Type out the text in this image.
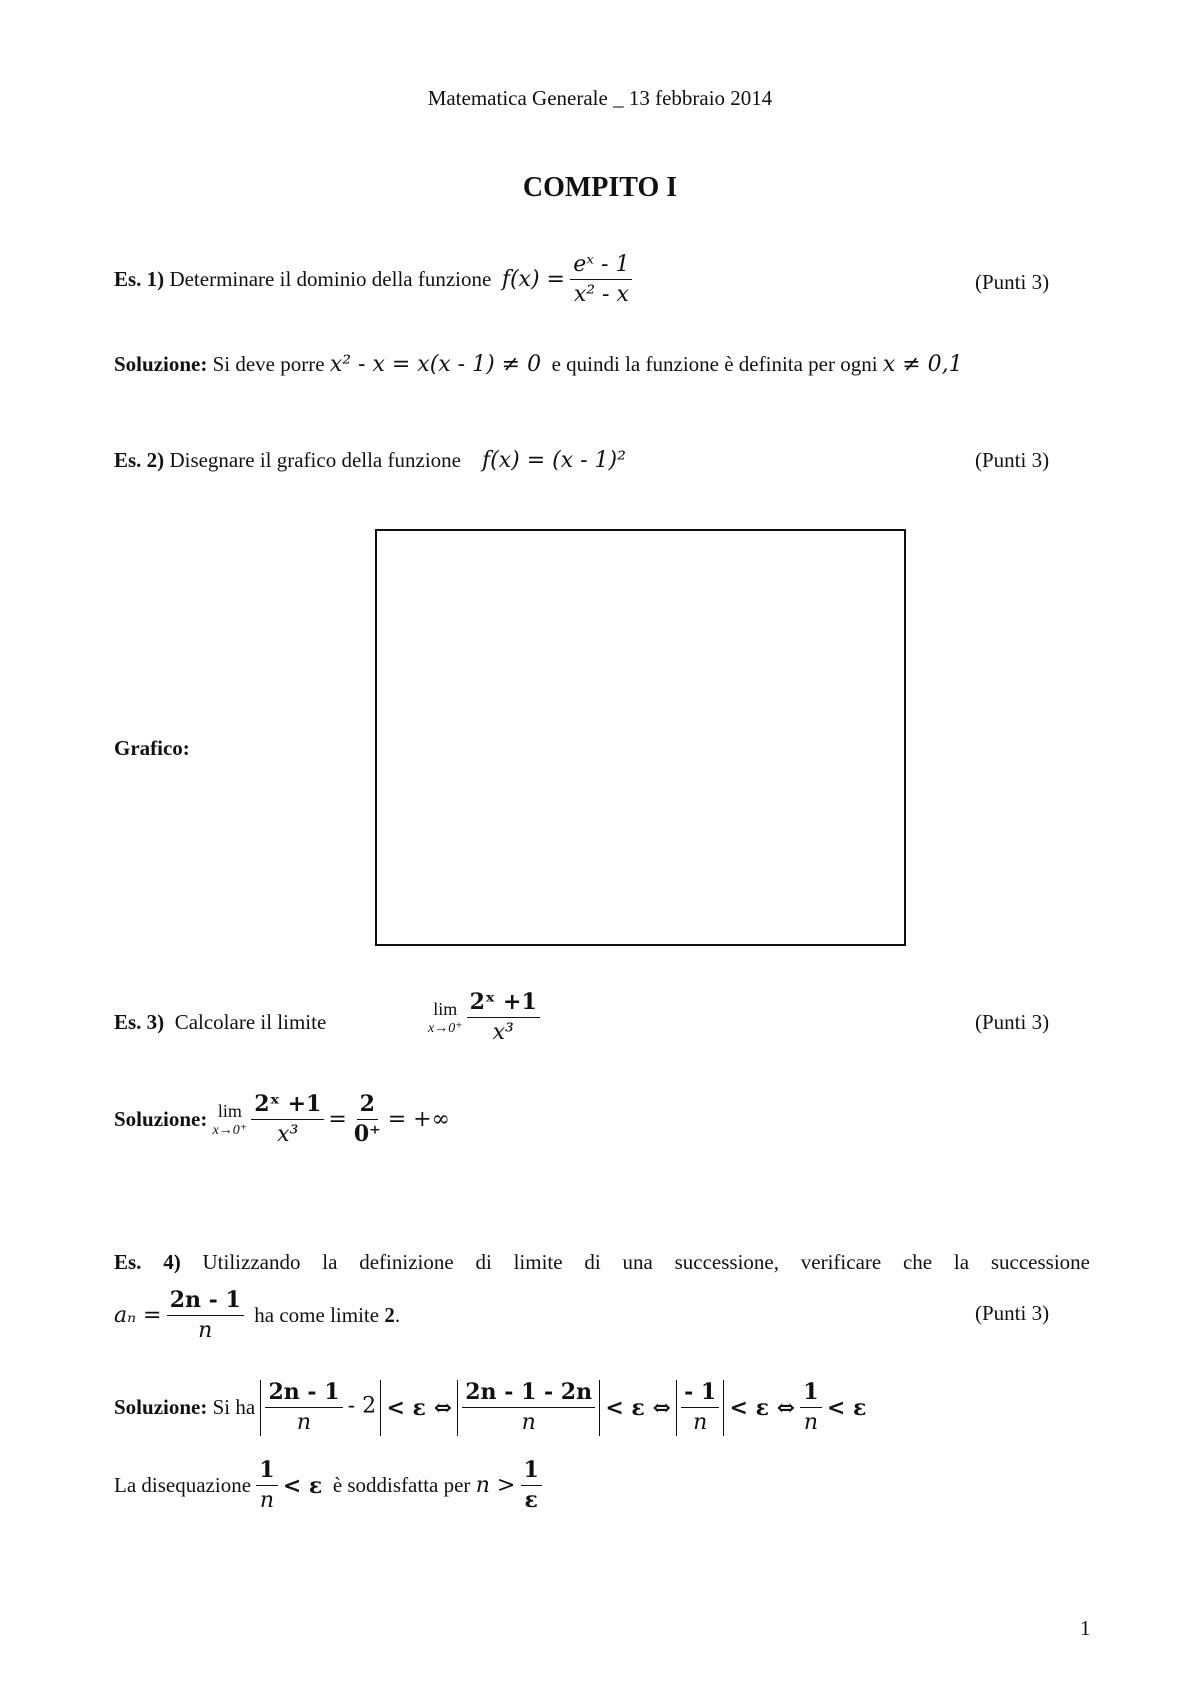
Matematica Generale _ 13 febbraio 2014
COMPITO I
Es. 1)
Determinare il dominio della funzione
f(x) =
$\frac{\text{eˣ - 1}}{\text{x² - x}}$	(Punti 3)
Soluzione:
Si deve porre
x² - x = x(x - 1) ≠ 0
e quindi la funzione è definita per ogni
x ≠ 0,1
Es. 2)
Disegnare il grafico della funzione
f(x) = (x - 1)²	(Punti 3)
Grafico:
Es. 3) Calcolare il limite
lim
$x\to 0^+ \frac{\text{2ˣ +1}}{\text{x³}}$	(Punti 3)
Soluzione:
lim
$x\to 0^+ \frac{\text{2ˣ +1}}{\text{x³}} = \frac{2}{0^+}$ = +∞
Es. 4) Utilizzando la definizione di limite di una successione, verificare che la successione
aₙ =
$\frac{2n - 1}{n}$
ha come limite
2 .	(Punti 3)
Soluzione:
Si ha
$\frac{2n - 1}{n} - 2$
< ε ⇔
$\frac{2n - 1 - 2n}{n}$
< ε ⇔
$\frac{- 1}{n}$
< ε ⇔
$\frac{1}{n}$
< ε
La disequazione
$\frac{1}{n}$
< ε
è soddisfatta per
n >
$\frac{1}{\varepsilon}$
1
